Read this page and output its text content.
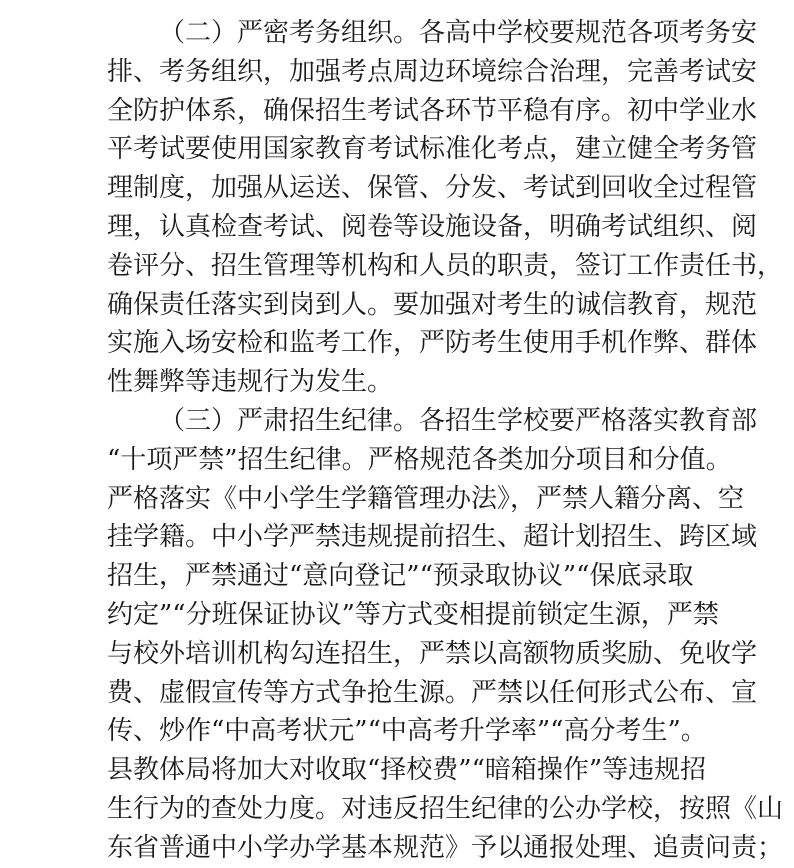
（二）严密考务组织。各高中学校要规范各项考务安
排、考务组织，加强考点周边环境综合治理，完善考试安
全防护体系，确保招生考试各环节平稳有序。初中学业水
平考试要使用国家教育考试标准化考点，建立健全考务管
理制度，加强从运送、保管、分发、考试到回收全过程管
理，认真检查考试、阅卷等设施设备，明确考试组织、阅
卷评分、招生管理等机构和人员的职责，签订工作责任书，
确保责任落实到岗到人。要加强对考生的诚信教育，规范
实施入场安检和监考工作，严防考生使用手机作弊、群体
性舞弊等违规行为发生。
（三）严肃招生纪律。各招生学校要严格落实教育部
“十项严禁”招生纪律。严格规范各类加分项目和分值。
严格落实《中小学生学籍管理办法》，严禁人籍分离、空
挂学籍。中小学严禁违规提前招生、超计划招生、跨区域
招生，严禁通过“意向登记”“预录取协议”“保底录取
约定”“分班保证协议”等方式变相提前锁定生源，严禁
与校外培训机构勾连招生，严禁以高额物质奖励、免收学
费、虚假宣传等方式争抢生源。严禁以任何形式公布、宣
传、炒作“中高考状元”“中高考升学率”“高分考生”。
县教体局将加大对收取“择校费”“暗箱操作”等违规招
生行为的查处力度。对违反招生纪律的公办学校，按照《山
东省普通中小学办学基本规范》予以通报处理、追责问责；
